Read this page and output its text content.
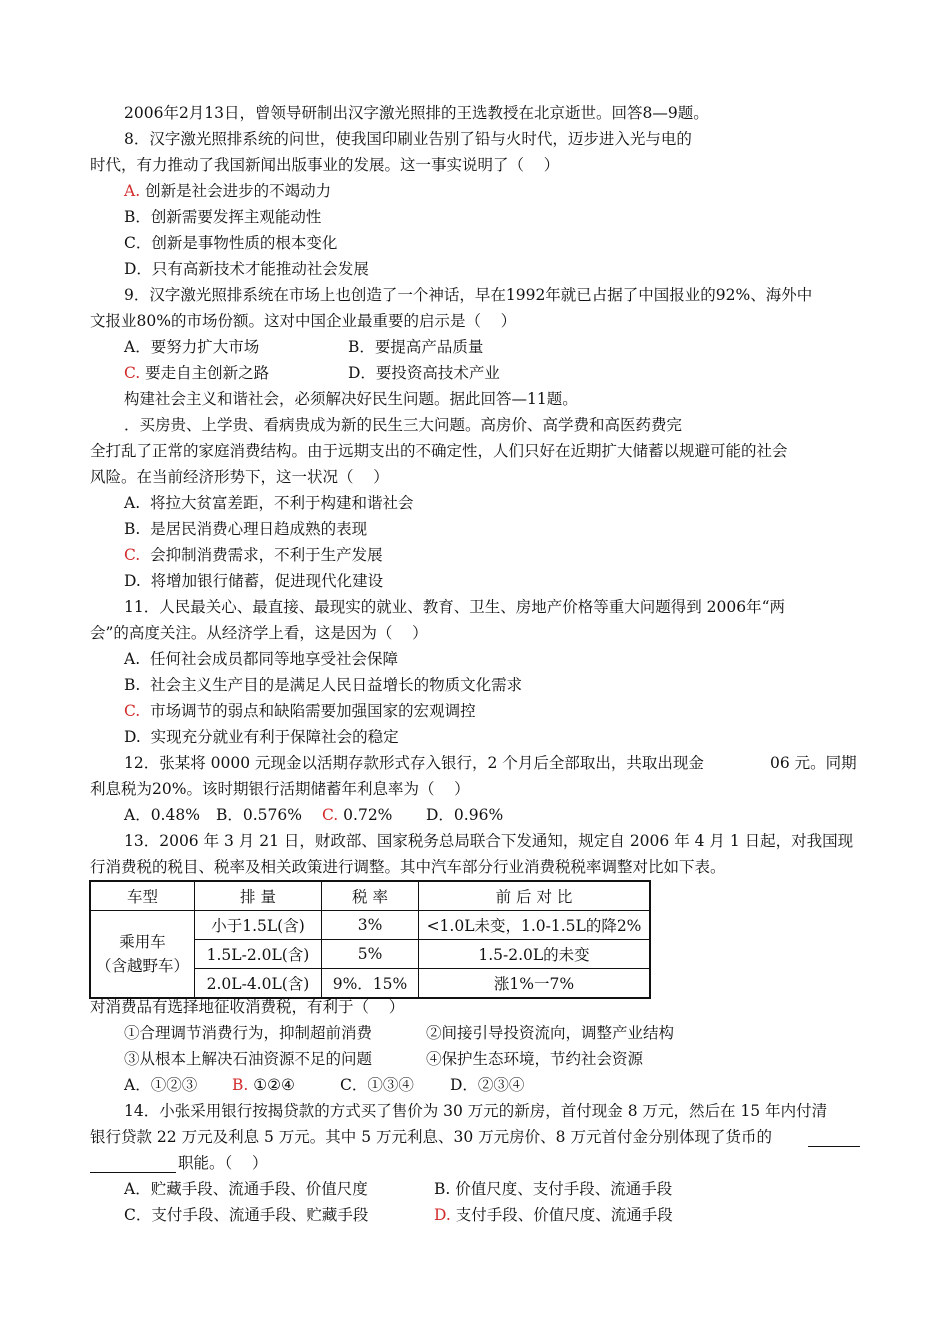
2006年2月13日，曾领导研制出汉字激光照排的王选教授在北京逝世。回答8—9题。
8．汉字激光照排系统的问世，使我国印刷业告别了铅与火时代，迈步进入光与电的
时代，有力推动了我国新闻出版事业的发展。这一事实说明了（    ）
A. 创新是社会进步的不竭动力
B．创新需要发挥主观能动性
C．创新是事物性质的根本变化
D．只有高新技术才能推动社会发展
9．汉字激光照排系统在市场上也创造了一个神话，早在1992年就已占据了中国报业的92%、海外中
文报业80%的市场份额。这对中国企业最重要的启示是（    ）
A．要努力扩大市场	B．要提高产品质量
C. 要走自主创新之路	D．要投资高技术产业
构建社会主义和谐社会，必须解决好民生问题。据此回答—11题。
．买房贵、上学贵、看病贵成为新的民生三大问题。高房价、高学费和高医药费完
全打乱了正常的家庭消费结构。由于远期支出的不确定性，人们只好在近期扩大储蓄以规避可能的社会
风险。在当前经济形势下，这一状况（    ）
A.  将拉大贫富差距，不利于构建和谐社会
B.  是居民消费心理日趋成熟的表现
C. 会抑制消费需求，不利于生产发展
D.  将增加银行储蓄，促进现代化建设
11．人民最关心、最直接、最现实的就业、教育、卫生、房地产价格等重大问题得到 2006年“两
会”的高度关注。从经济学上看，这是因为（    ）
A.  任何社会成员都同等地享受社会保障
B.  社会主义生产目的是满足人民日益增长的物质文化需求
C. 市场调节的弱点和缺陷需要加强国家的宏观调控
D.  实现充分就业有利于保障社会的稳定
12．张某将 0000 元现金以活期存款形式存入银行，2 个月后全部取出，共取出现金	06 元。同期
利息税为20%。该时期银行活期储蓄年利息率为（    ）
A．0.48% B．0.576% C. 0.72% D．0.96%
13．2006 年 3 月 21 日，财政部、国家税务总局联合下发通知，规定自 2006 年 4 月 1 日起，对我国现
行消费税的税目、税率及相关政策进行调整。其中汽车部分行业消费税税率调整对比如下表。
车型	排 量	税 率	前 后 对 比

乘用车
（含越野车）	小于1.5L(含)	3%	<1.0L未变，1.0-1.5L的降2%
	1.5L-2.0L(含)	5%	1.5-2.0L的未变
	2.0L-4.0L(含)	9%．15%	涨1%一7%
对消费品有选择地征收消费税，有利于（    ）
①合理调节消费行为，抑制超前消费	②间接引导投资流向，调整产业结构
③从根本上解决石油资源不足的问题	④保护生态环境，节约社会资源
A．①②③ B. ①②④	C．①③④ D．②③④
14．小张采用银行按揭贷款的方式买了售价为 30 万元的新房，首付现金 8 万元，然后在 15 年内付清
银行贷款 22 万元及利息 5 万元。其中 5 万元利息、30 万元房价、8 万元首付金分别体现了货币的
职能。（    ）
A．贮藏手段、流通手段、价值尺度	B. 价值尺度、支付手段、流通手段
C．支付手段、流通手段、贮藏手段	D. 支付手段、价值尺度、流通手段
